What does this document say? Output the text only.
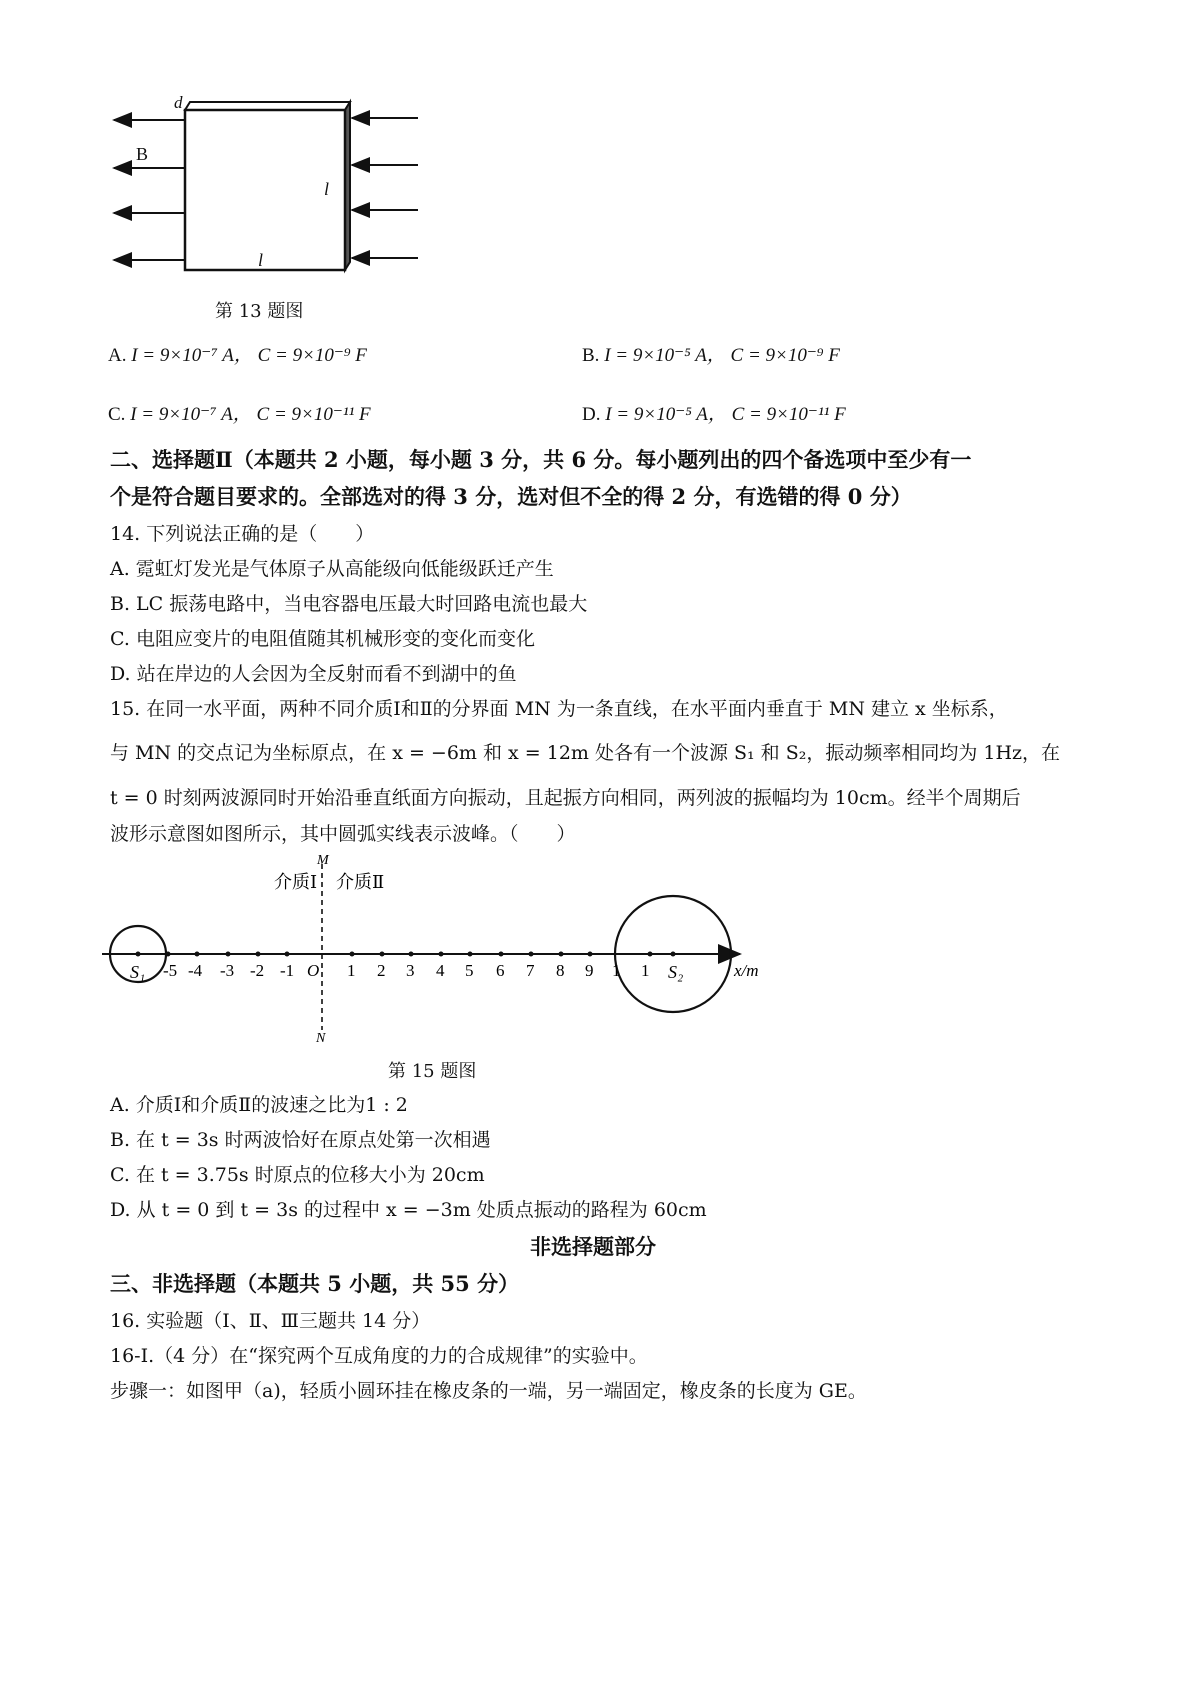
d
B
l
l
第 13 题图
A. I = 9×10⁻⁷ A， C = 9×10⁻⁹ F	B. I = 9×10⁻⁵ A， C = 9×10⁻⁹ F
C. I = 9×10⁻⁷ A， C = 9×10⁻¹¹ F	D. I = 9×10⁻⁵ A， C = 9×10⁻¹¹ F
二、选择题Ⅱ（本题共 2 小题，每小题 3 分，共 6 分。每小题列出的四个备选项中至少有一
个是符合题目要求的。全部选对的得 3 分，选对但不全的得 2 分，有选错的得 0 分）
14. 下列说法正确的是（　　）
A. 霓虹灯发光是气体原子从高能级向低能级跃迁产生
B. LC 振荡电路中，当电容器电压最大时回路电流也最大
C. 电阻应变片的电阻值随其机械形变的变化而变化
D. 站在岸边的人会因为全反射而看不到湖中的鱼
15. 在同一水平面，两种不同介质Ⅰ和Ⅱ的分界面 MN 为一条直线，在水平面内垂直于 MN 建立 x 坐标系，
与 MN 的交点记为坐标原点，在 x = −6m 和 x = 12m 处各有一个波源 S₁ 和 S₂，振动频率相同均为 1Hz，在
t = 0 时刻两波源同时开始沿垂直纸面方向振动，且起振方向相同，两列波的振幅均为 10cm。经半个周期后
波形示意图如图所示，其中圆弧实线表示波峰。（　　）
M
N
介质Ⅰ 介质Ⅱ
S₁ -5 -4 -3 -2 -1 O 1 2 3 4 5 6 7 8 9 1 1 S₂	x/m
第 15 题图
A. 介质Ⅰ和介质Ⅱ的波速之比为1 : 2
B. 在 t = 3s 时两波恰好在原点处第一次相遇
C. 在 t = 3.75s 时原点的位移大小为 20cm
D. 从 t = 0 到 t = 3s 的过程中 x = −3m 处质点振动的路程为 60cm
非选择题部分
三、非选择题（本题共 5 小题，共 55 分）
16. 实验题（Ⅰ、Ⅱ、Ⅲ三题共 14 分）
16-Ⅰ.（4 分）在“探究两个互成角度的力的合成规律”的实验中。
步骤一：如图甲（a)，轻质小圆环挂在橡皮条的一端，另一端固定，橡皮条的长度为 GE。
